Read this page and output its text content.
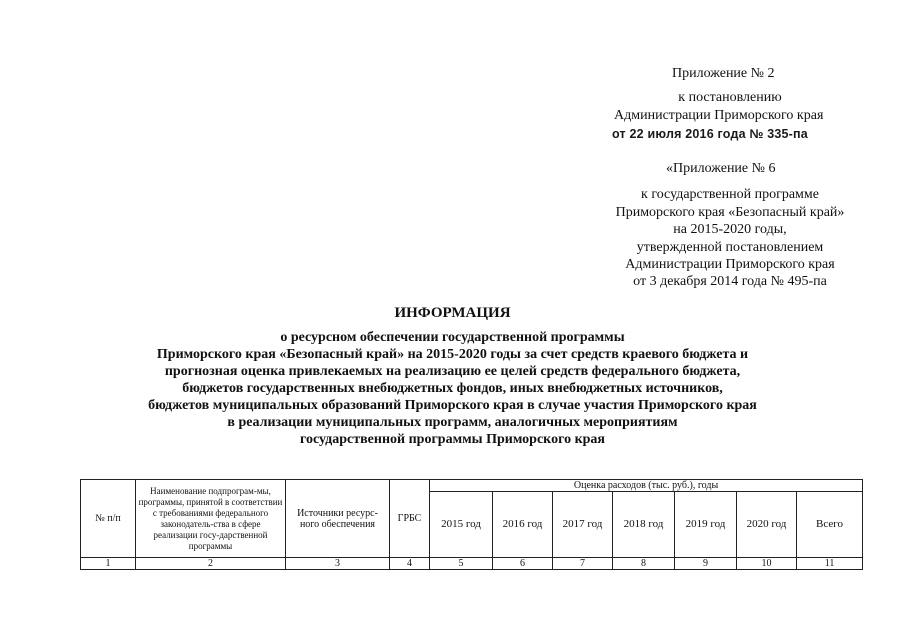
Приложение № 2
к постановлению
Администрации Приморского края
от 22 июля 2016 года № 335-па
«Приложение № 6
к государственной программе
Приморского края «Безопасный край»
на 2015-2020 годы,
утвержденной постановлением
Администрации Приморского края
от 3 декабря 2014 года № 495-па
ИНФОРМАЦИЯ
о ресурсном обеспечении государственной программы
Приморского края «Безопасный край» на 2015-2020 годы за счет средств краевого бюджета и
прогнозная оценка привлекаемых на реализацию ее целей средств федерального бюджета,
бюджетов государственных внебюджетных фондов, иных внебюджетных источников,
бюджетов муниципальных образований Приморского края в случае участия Приморского края
в реализации муниципальных программ, аналогичных мероприятиям
государственной программы Приморского края
№ п/п	Наименование подпрограм-мы, программы, принятой в соответствии с требованиями федерального законодатель-ства в сфере реализации госу-дарственной программы	Источники ресурс-ного обеспечения	ГРБС	Оценка расходов (тыс. руб.), годы						
				2015 год	2016 год	2017 год	2018 год	2019 год	2020 год	Всего
1	2	3	4	5	6	7	8	9	10	11
